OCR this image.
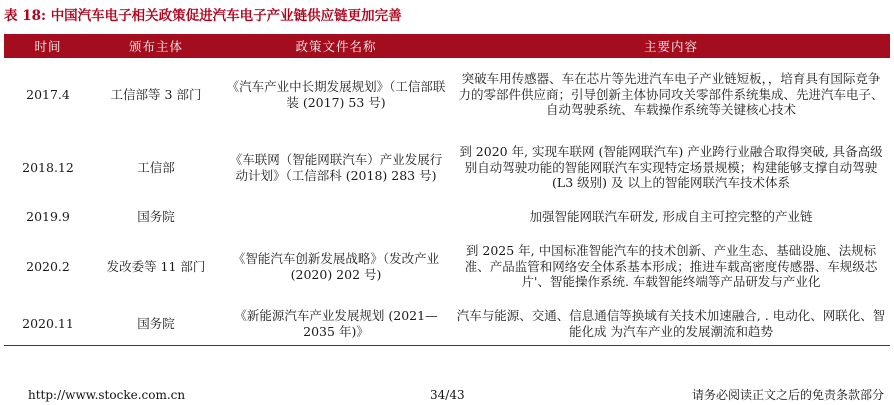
表 18: 中国汽车电子相关政策促进汽车电子产业链供应链更加完善
时间	颁布主体	政策文件名称	主要内容
2017.4	工信部等 3 部门	《汽车产业中长期发展规划》（工信部联装 (2017) 53 号)	突破车用传感器、车在芯片等先进汽车电子产业链短板，，培育具有国际竞争力的零部件供应商；引导创新主体协同攻关零部件系统集成、先进汽车电子、自动驾驶系统、车载操作系统等关键核心技术
2018.12	工信部	《车联网（智能网联汽车）产业发展行动计划》（工信部科 (2018) 283 号)	到 2020 年, 实现车联网 (智能网联汽车) 产业跨行业融合取得突破, 具备高级别自动驾驶功能的智能网联汽车实现特定场景规模；构建能够支撑自动驾驶 (L3 级别) 及 以上的智能网联汽车技术体系
2019.9	国务院		加强智能网联汽车研发, 形成自主可控完整的产业链
2020.2	发改委等 11 部门	《智能汽车创新发展战略》（发改产业(2020) 202 号)	到 2025 年, 中国标准智能汽车的技术创新、产业生态、基础设施、法规标准、产品监管和网络安全体系基本形成；推进车载高密度传感器、车规级芯片'、智能操作系统. 车载智能终端等产品研发与产业化
2020.11	国务院	《新能源汽车产业发展规划 (2021—2035 年)》	汽车与能源、交通、信息通信等换域有关技术加速融合, . 电动化、网联化、智能化成 为汽车产业的发展潮流和趋势
http://www.stocke.com.cn	34/43	请务必阅读正文之后的免责条款部分
